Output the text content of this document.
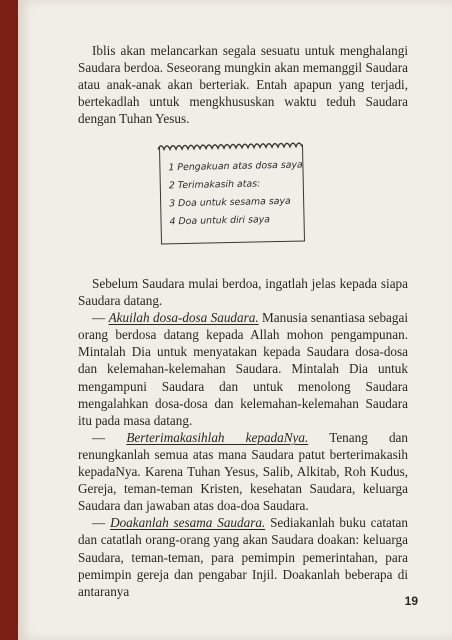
Iblis akan melancarkan segala sesuatu untuk menghalangi Saudara berdoa. Seseorang mungkin akan memanggil Saudara atau anak-anak akan berteriak. Entah apapun yang terjadi, bertekadlah untuk mengkhususkan waktu teduh Saudara dengan Tuhan Yesus.

1 Pengakuan atas dosa saya
2 Terimakasih atas:
3 Doa untuk sesama saya
4 Doa untuk diri saya

Sebelum Saudara mulai berdoa, ingatlah jelas kepada siapa Saudara datang.

— Akuilah dosa-dosa Saudara. Manusia senantiasa sebagai orang berdosa datang kepada Allah mohon pengampunan. Mintalah Dia untuk menyatakan kepada Saudara dosa-dosa dan kelemahan-kelemahan Saudara. Mintalah Dia untuk mengampuni Saudara dan untuk menolong Saudara mengalahkan dosa-dosa dan kelemahan-kelemahan Saudara itu pada masa datang.

— Berterimakasihlah kepadaNya. Tenang dan renungkanlah semua atas mana Saudara patut berterimakasih kepadaNya. Karena Tuhan Yesus, Salib, Alkitab, Roh Kudus, Gereja, teman-teman Kristen, kesehatan Saudara, keluarga Saudara dan jawaban atas doa-doa Saudara.

— Doakanlah sesama Saudara. Sediakanlah buku catatan dan catatlah orang-orang yang akan Saudara doakan: keluarga Saudara, teman-teman, para pemimpin pemerintahan, para pemimpin gereja dan pengabar Injil. Doakanlah beberapa di antaranya

19
